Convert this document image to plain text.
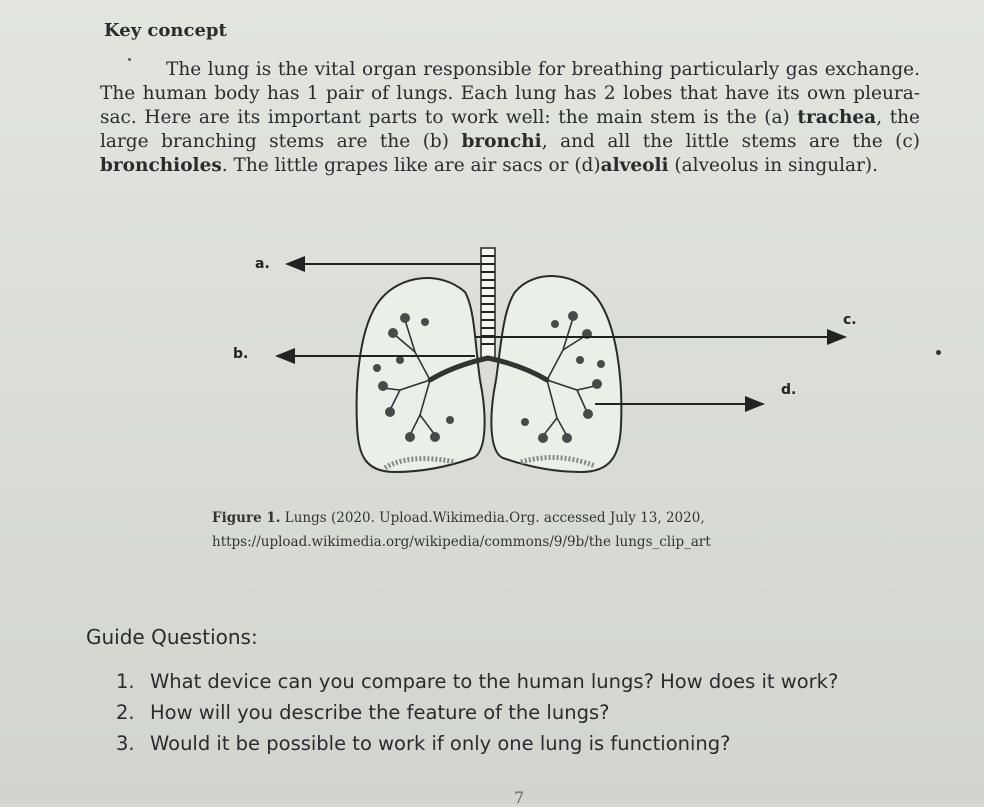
Key concept

The lung is the vital organ responsible for breathing particularly gas exchange. The human body has 1 pair of lungs. Each lung has 2 lobes that have its own pleura-sac. Here are its important parts to work well: the main stem is the (a) trachea, the large branching stems are the (b) bronchi, and all the little stems are the (c) bronchioles. The little grapes like are air sacs or (d)alveoli (alveolus in singular).

a.
b.
c.
d.
Figure 1. Lungs (2020. Upload.Wikimedia.Org. accessed July 13, 2020,
https://upload.wikimedia.org/wikipedia/commons/9/9b/the lungs_clip_art
Guide Questions:
1. What device can you compare to the human lungs? How does it work?
2. How will you describe the feature of the lungs?
3. Would it be possible to work if only one lung is functioning?
7
